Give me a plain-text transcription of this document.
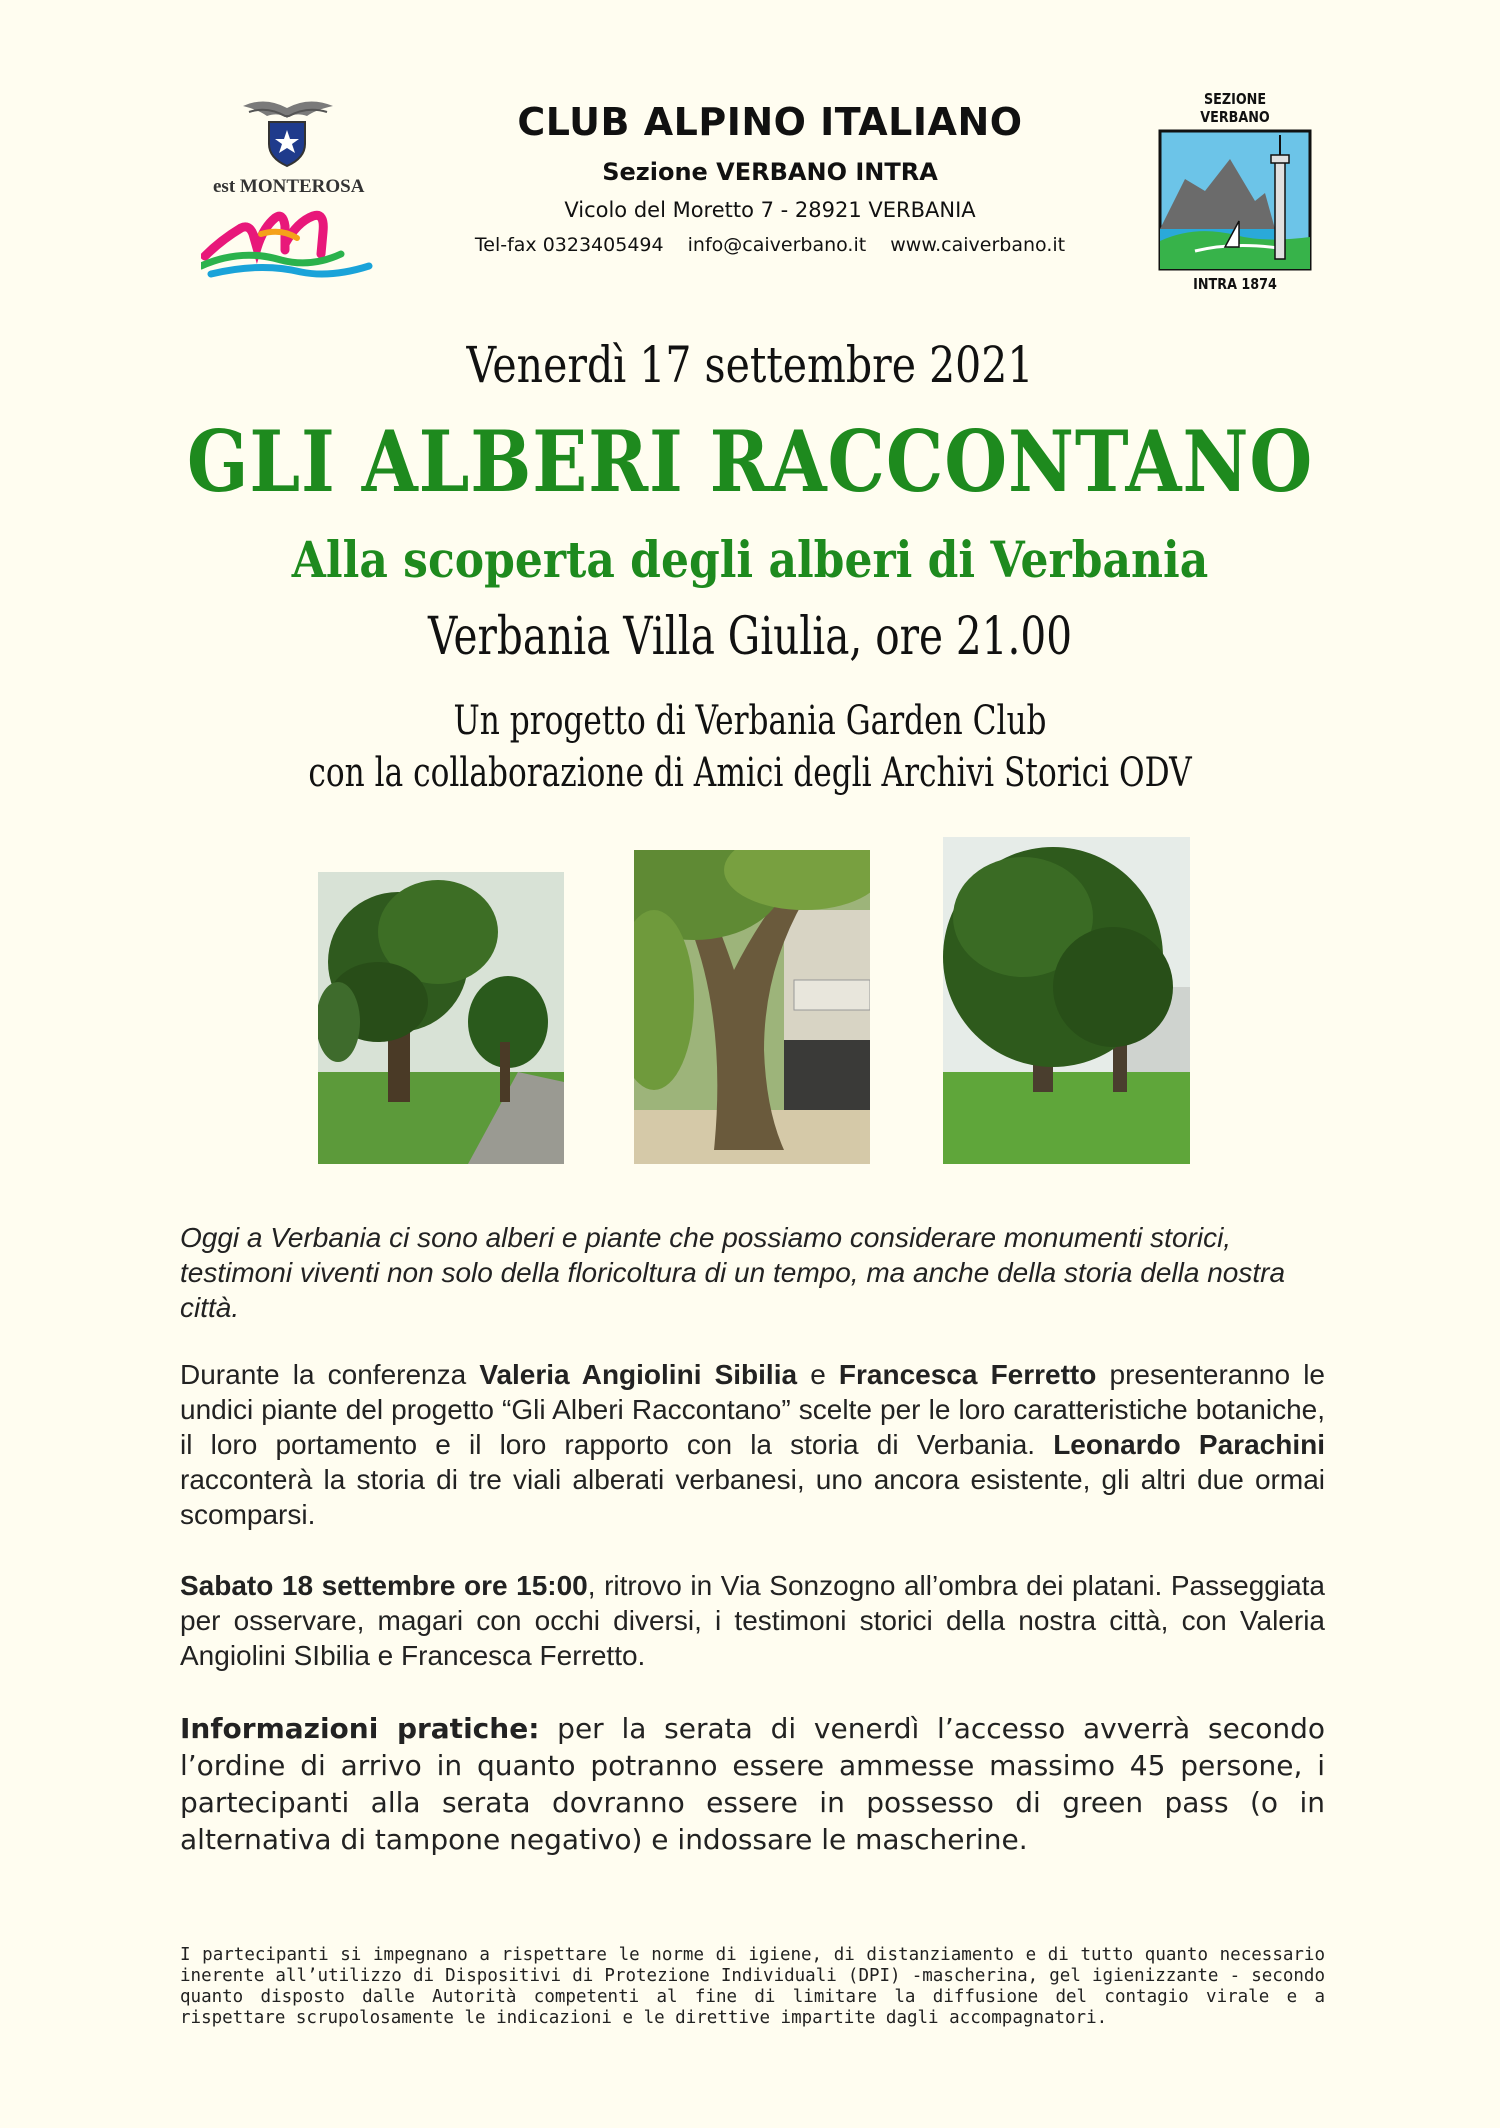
est MONTEROSA
CLUB ALPINO ITALIANO
Sezione VERBANO INTRA
Vicolo del Moretto 7 - 28921 VERBANIA
Tel-fax 0323405494 info@caiverbano.it www.caiverbano.it
SEZIONE VERBANO
INTRA 1874
Venerdì 17 settembre 2021
GLI ALBERI RACCONTANO
Alla scoperta degli alberi di Verbania
Verbania Villa Giulia, ore 21.00
Un progetto di Verbania Garden Club
con la collaborazione di Amici degli Archivi Storici ODV
Oggi a Verbania ci sono alberi e piante che possiamo considerare monumenti storici, testimoni viventi non solo della floricoltura di un tempo, ma anche della storia della nostra città.
Durante la conferenza Valeria Angiolini Sibilia e Francesca Ferretto presenteranno le undici piante del progetto “Gli Alberi Raccontano” scelte per le loro caratteristiche botaniche, il loro portamento e il loro rapporto con la storia di Verbania. Leonardo Parachini racconterà la storia di tre viali alberati verbanesi, uno ancora esistente, gli altri due ormai scomparsi.
Sabato 18 settembre ore 15:00, ritrovo in Via Sonzogno all’ombra dei platani. Passeggiata per osservare, magari con occhi diversi, i testimoni storici della nostra città, con Valeria Angiolini SIbilia e Francesca Ferretto.
Informazioni pratiche: per la serata di venerdì l’accesso avverrà secondo l’ordine di arrivo in quanto potranno essere ammesse massimo 45 persone, i partecipanti alla serata dovranno essere in possesso di green pass (o in alternativa di tampone negativo) e indossare le mascherine.
I partecipanti si impegnano a rispettare le norme di igiene, di distanziamento e di tutto quanto necessario inerente all’utilizzo di Dispositivi di Protezione Individuali (DPI) -mascherina, gel igienizzante - secondo quanto disposto dalle Autorità competenti al fine di limitare la diffusione del contagio virale e a rispettare scrupolosamente le indicazioni e le direttive impartite dagli accompagnatori.
